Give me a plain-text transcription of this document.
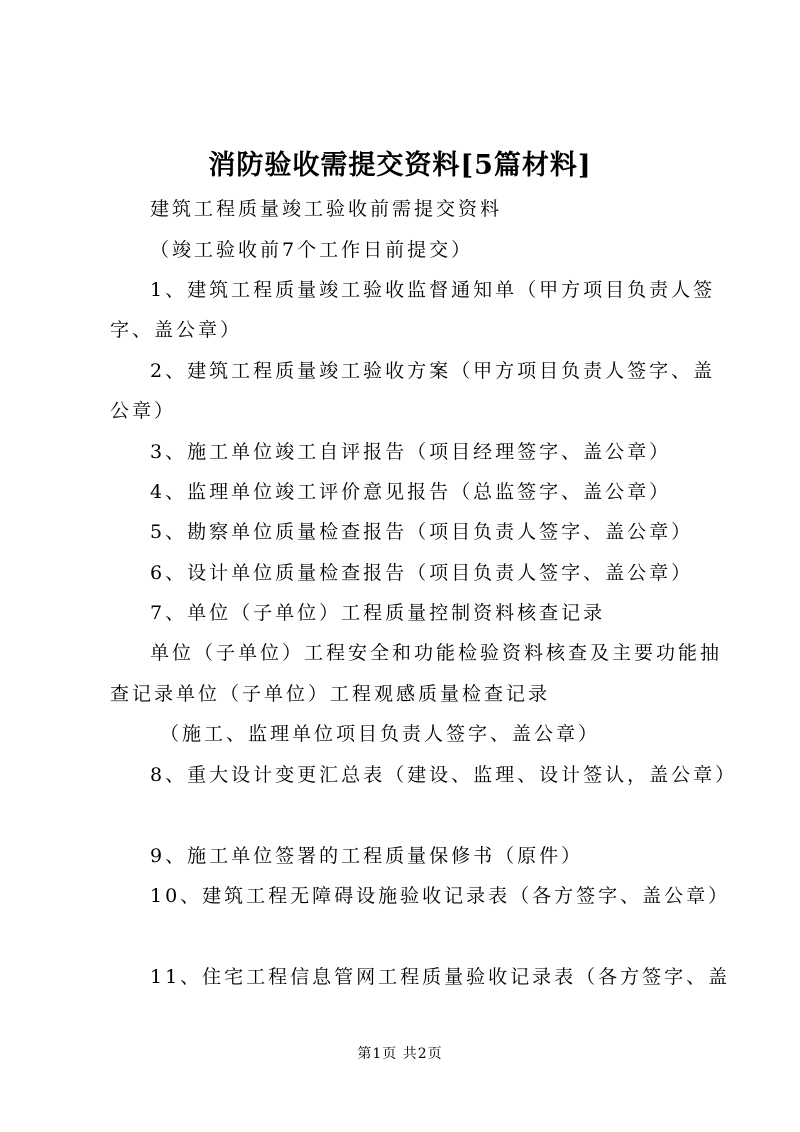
消防验收需提交资料[5篇材料]
建筑工程质量竣工验收前需提交资料
（竣工验收前7个工作日前提交）
1、建筑工程质量竣工验收监督通知单（甲方项目负责人签
字、盖公章）
2、建筑工程质量竣工验收方案（甲方项目负责人签字、盖
公章）
3、施工单位竣工自评报告（项目经理签字、盖公章）
4、监理单位竣工评价意见报告（总监签字、盖公章）
5、勘察单位质量检查报告（项目负责人签字、盖公章）
6、设计单位质量检查报告（项目负责人签字、盖公章）
7、单位（子单位）工程质量控制资料核查记录
单位（子单位）工程安全和功能检验资料核查及主要功能抽
查记录单位（子单位）工程观感质量检查记录
（施工、监理单位项目负责人签字、盖公章）
8、重大设计变更汇总表（建设、监理、设计签认，盖公章）
9、施工单位签署的工程质量保修书（原件）
10、建筑工程无障碍设施验收记录表（各方签字、盖公章）
11、住宅工程信息管网工程质量验收记录表（各方签字、盖
第1页 共2页
